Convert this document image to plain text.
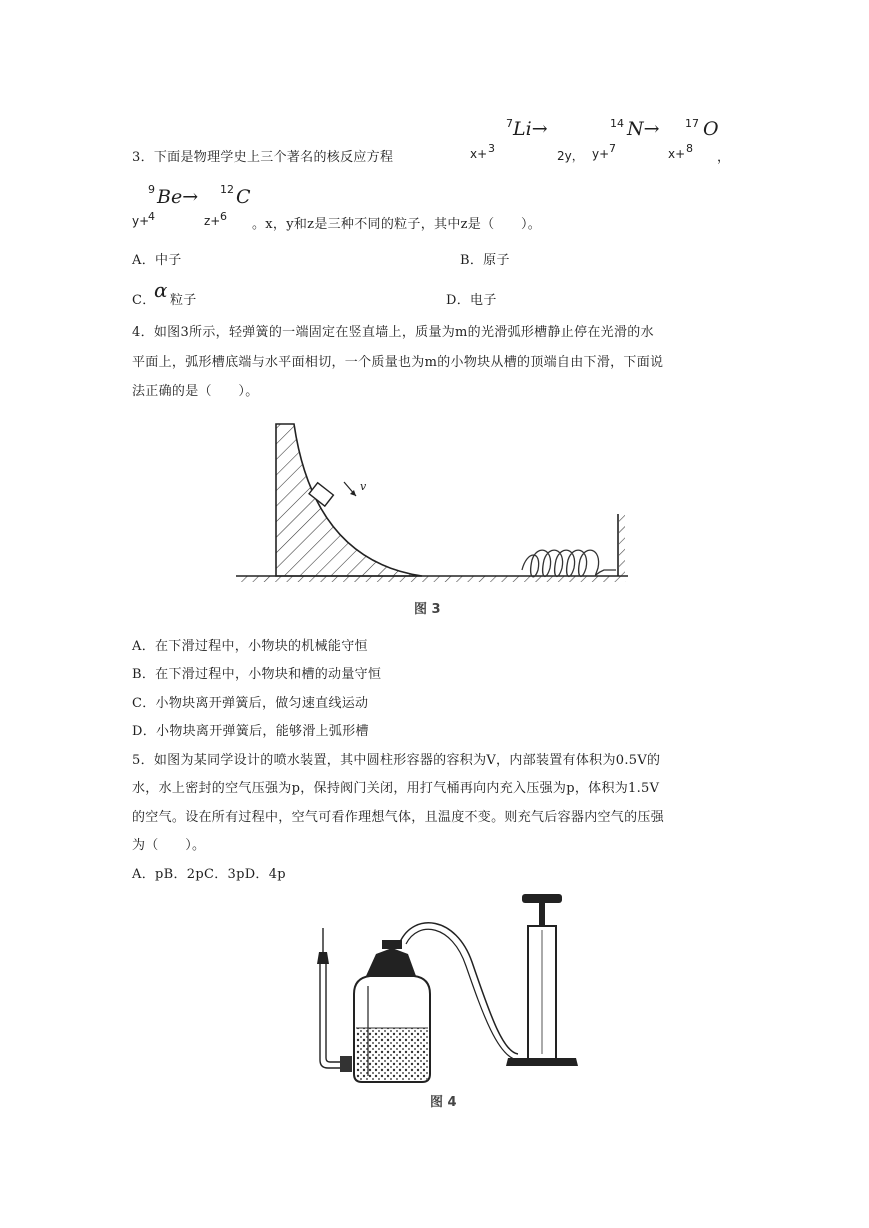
3．下面是物理学史上三个著名的核反应方程	x+
7
3
Li→
2y， y+
14
7
N→
x+
17
8
O
，
9 Be→
y+
4
12 C
z+ 6
。x，y和z是三种不同的粒子，其中z是（　　）。
A．中子	B．原子
C．
α 粒子	D．电子
4．如图3所示，轻弹簧的一端固定在竖直墙上，质量为m的光滑弧形槽静止停在光滑的水
平面上，弧形槽底端与水平面相切，一个质量也为m的小物块从槽的顶端自由下滑，下面说
法正确的是（　　）。
v
图 3
A．在下滑过程中，小物块的机械能守恒
B．在下滑过程中，小物块和槽的动量守恒
C．小物块离开弹簧后，做匀速直线运动
D．小物块离开弹簧后，能够滑上弧形槽
5．如图为某同学设计的喷水装置，其中圆柱形容器的容积为V，内部装置有体积为0.5V的
水，水上密封的空气压强为p，保持阀门关闭，用打气桶再向内充入压强为p，体积为1.5V
的空气。设在所有过程中，空气可看作理想气体，且温度不变。则充气后容器内空气的压强
为（　　）。
A．pB．2pC．3pD．4p
图 4
